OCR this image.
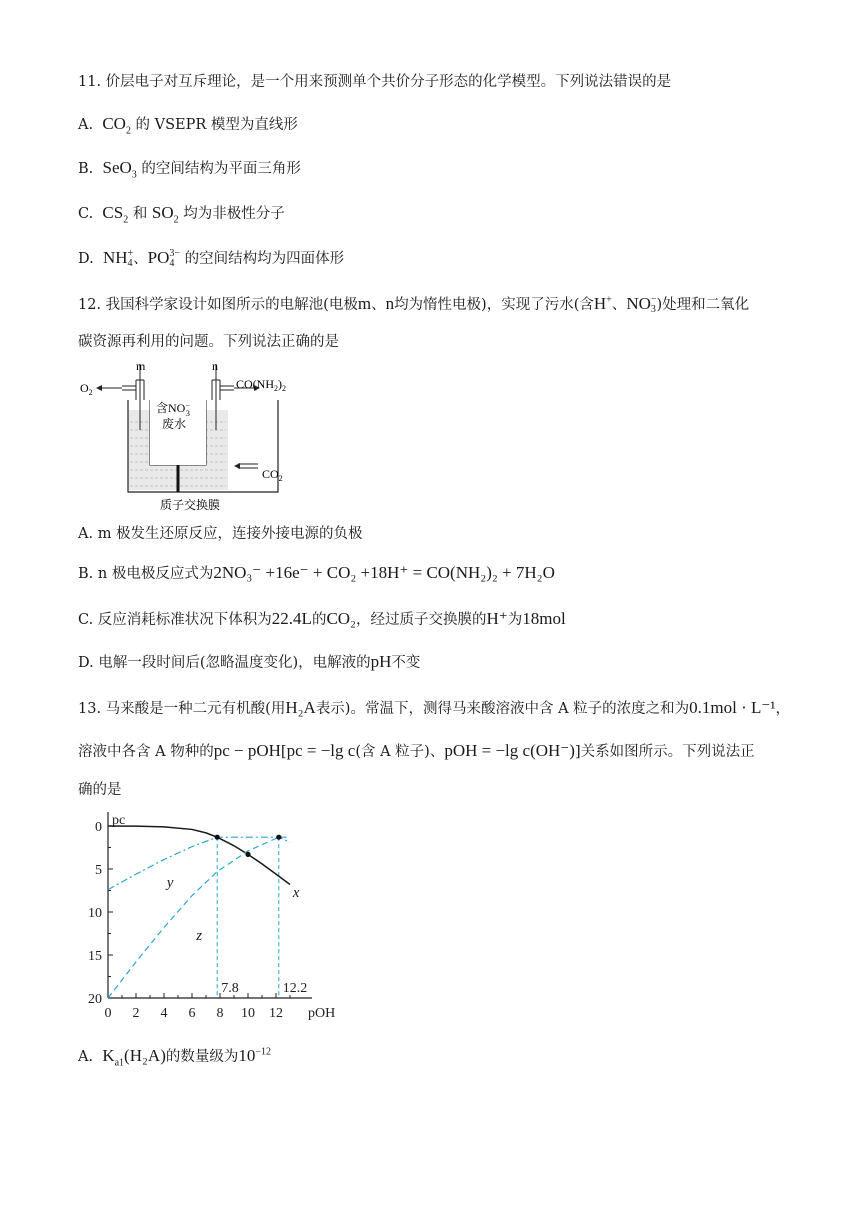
11. 价层电子对互斥理论，是一个用来预测单个共价分子形态的化学模型。下列说法错误的是
A. $CO_2$ 的 VSEPR 模型为直线形
B. SeO$_3$ 的空间结构为平面三角形
C. $CS_2$ 和 $SO_2$ 均为非极性分子
D. NH +
4 、PO 3−
4 的空间结构均为四面体形
12. 我国科学家设计如图所示的电解池(电极m、n均为惰性电极)，实现了污水(含H+、NO −
3 )处理和二氧化
碳资源再利用的问题。下列说法正确的是
m	n
$O_2$
$CO(NH_2)_2$
含NO− 3
废水
$CO_2$
质子交换膜
A. m 极发生还原反应，连接外接电源的负极
B. n 极电极反应式为2NO₃⁻ +16e⁻ + CO₂ +18H⁺ = CO(NH₂)₂ + 7H₂O
C. 反应消耗标准状况下体积为22.4L的CO₂，经过质子交换膜的H⁺为18mol
D. 电解一段时间后(忽略温度变化)，电解液的pH不变
13. 马来酸是一种二元有机酸(用H₂A表示)。常温下，测得马来酸溶液中含 A 粒子的浓度之和为0.1mol · L⁻¹，
溶液中各含 A 物种的pc − pOH[pc = −lg c(含 A 粒子)、pOH = −lg c(OH⁻)]关系如图所示。下列说法正
确的是
0
5
10
15
20
0 2 4 6 8 10 12
pc
pOH
7.8	12.2
x
y
z
A. $K_{a1}(H_2A)$的数量级为$10^{-12}$
